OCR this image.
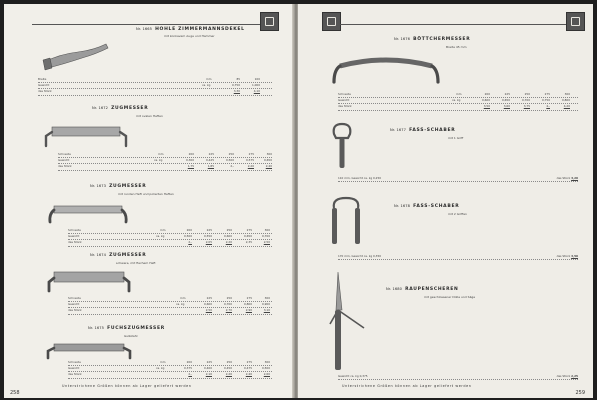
Nr. 1665 HOHLE ZIMMERMANNSDEKEL
mit konkavem Auge und Hammer
Breite	mm	85	100
Gewicht	ca. kg	0,750	1,000
das Stück	3,30	4,10
Nr. 1672 ZUGMESSER
mit ovalen Heften
Schneide	mm	200	225	250	275	300
Gewicht	ca. kg	0,300	0,425	0,500	0,575	0,650
das Stück	1,75	1,85	2,-	2,20	2,40
Nr. 1673 ZUGMESSER
mit runden Heft und polierten Heften
Schneide	mm	200	225	250	275	300
Gewicht	ca. kg	0,500	0,550	0,600	0,650	0,700
das Stück	2,-	2,05	2,20	2,35	2,50
Nr. 1674 ZUGMESSER
schwere, mit flachem Heft
Schneide	mm	225	250	275	300
Gewicht	ca. kg	0,600	0,700	0,800	0,900
das Stück	2,50	2,70	2,90	3,10
Nr. 1675 FUCHSZUGMESSER
Gußstahl
Schneide	mm	200	225	250	275	300
Gewicht	ca. kg	0,375	0,400	0,450	0,475	0,500
das Stück	2,-	2,10	2,20	2,40	2,60
Unterstrichene Größen können ab Lager geliefert werden
258
Nr. 1676 BÖTTCHERMESSER
Breite 45 mm
Schneide	mm	200	225	250	275	300
Gewicht	ca. kg	0,600	0,650	0,700	0,750	0,800
das Stück	3,50	3,60	3,75	4,-	4,20
Nr. 1677 FASS-SCHABER
mit 1 Griff
110 mm, Gewicht ca. kg 0,250	das Stück 3,20
Nr. 1678 FASS-SCHABER
mit 2 Griffen
170 mm, Gewicht ca. kg 0,350	das Stück 3,50
Nr. 1680 RAUPENSCHEREN
mit geschlossener Dülle und Säge
Gewicht ca. kg 0,375	das Stück 2,25
Unterstrichene Größen können ab Lager geliefert werden
259
